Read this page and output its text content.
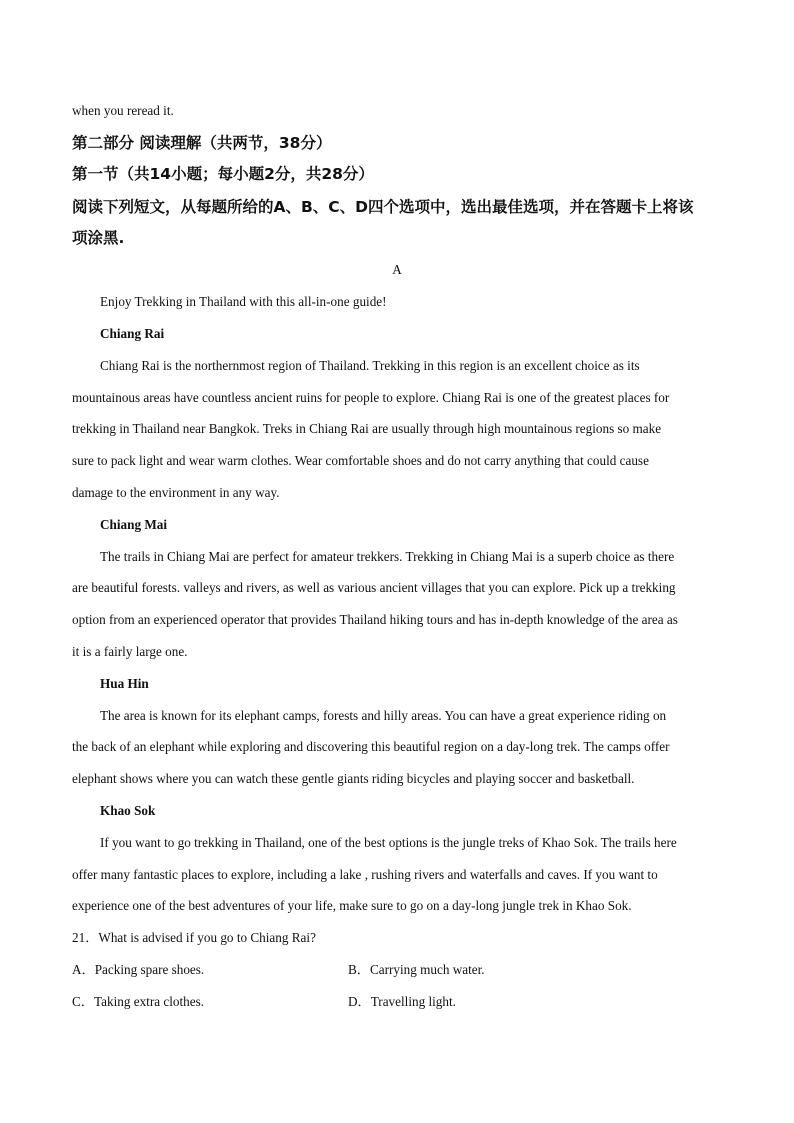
when you reread it.
第二部分 阅读理解（共两节，38分）
第一节（共14小题；每小题2分，共28分）
阅读下列短文，从每题所给的A、B、C、D四个选项中，选出最佳选项，并在答题卡上将该
项涂黑.
A
Enjoy Trekking in Thailand with this all-in-one guide!
Chiang Rai
Chiang Rai is the northernmost region of Thailand. Trekking in this region is an excellent choice as its
mountainous areas have countless ancient ruins for people to explore. Chiang Rai is one of the greatest places for
trekking in Thailand near Bangkok. Treks in Chiang Rai are usually through high mountainous regions so make
sure to pack light and wear warm clothes. Wear comfortable shoes and do not carry anything that could cause
damage to the environment in any way.
Chiang Mai
The trails in Chiang Mai are perfect for amateur trekkers. Trekking in Chiang Mai is a superb choice as there
are beautiful forests. valleys and rivers, as well as various ancient villages that you can explore. Pick up a trekking
option from an experienced operator that provides Thailand hiking tours and has in-depth knowledge of the area as
it is a fairly large one.
Hua Hin
The area is known for its elephant camps, forests and hilly areas. You can have a great experience riding on
the back of an elephant while exploring and discovering this beautiful region on a day-long trek. The camps offer
elephant shows where you can watch these gentle giants riding bicycles and playing soccer and basketball.
Khao Sok
If you want to go trekking in Thailand, one of the best options is the jungle treks of Khao Sok. The trails here
offer many fantastic places to explore, including a lake , rushing rivers and waterfalls and caves. If you want to
experience one of the best adventures of your life, make sure to go on a day-long jungle trek in Khao Sok.
21．What is advised if you go to Chiang Rai?
A．Packing spare shoes.	B．Carrying much water.
C．Taking extra clothes.	D．Travelling light.
